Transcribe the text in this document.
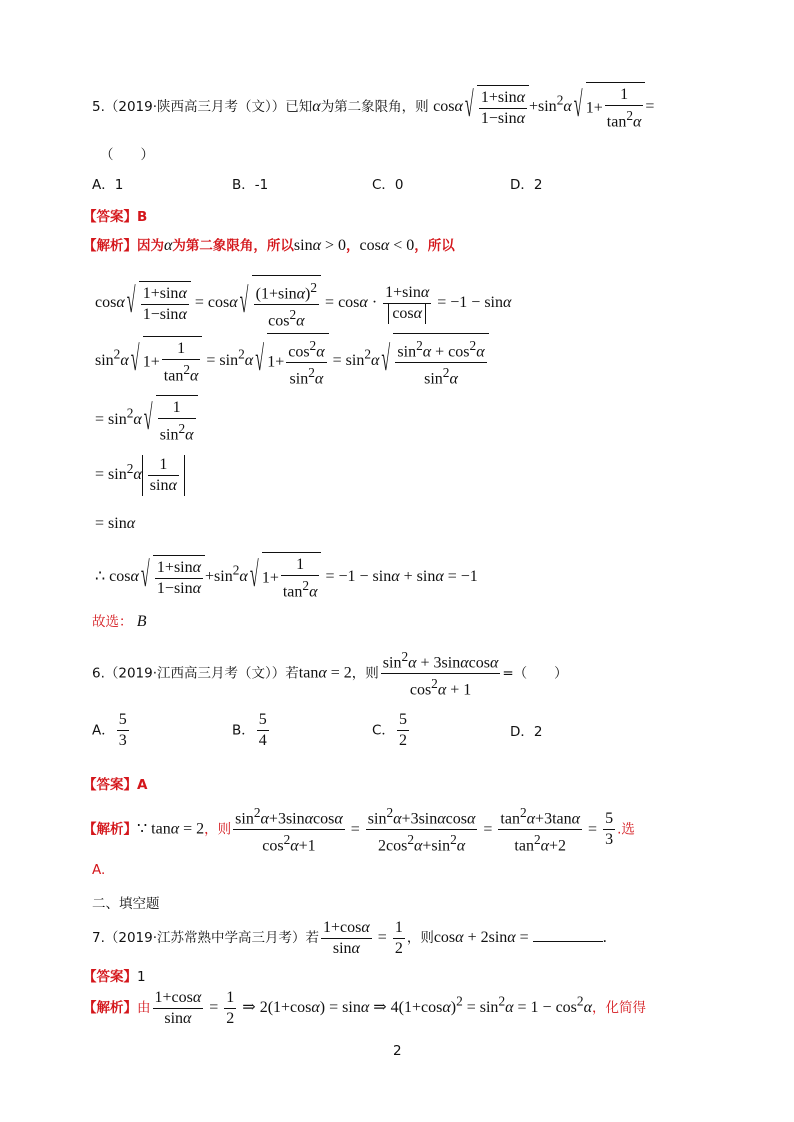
5.（2019·陕西高三月考（文））已知α为第二象限角，则 cosα
√ $\frac{1+\sin\alpha}{1-\sin\alpha} +\sin^2\alpha√$ $1+ \frac{1}{\tan^2\alpha}$ =
（　　）
A．1	B．-1	C．0	D．2
【答案】B
【解析】因为α为第二象限角，所以sinα > 0，cosα < 0，所以
cosα
√ $\frac{1+\sin\alpha}{1-\sin\alpha} = \cos\alpha$
√ $\frac{(1+\sin\alpha)^2}{\cos^2\alpha} = \cos\alpha \cdot \frac{1+\sin\alpha}{\cos\alpha} = -1 - \sin\alpha$
$\sin^2\alpha√$ $1+ \frac{1}{\tan^2\alpha} = \sin^2\alpha√$ $1+ \frac{\cos^2\alpha}{\sin^2\alpha} = \sin^2\alpha$
√ $\frac{\sin^2\alpha + \cos^2\alpha}{\sin^2\alpha}$
= $\sin^2\alpha$
√ $\frac{1}{\sin^2\alpha}$
= $\sin^2\alpha \frac{1}{\sin\alpha}$
= sinα
∴ cosα
√ $\frac{1+\sin\alpha}{1-\sin\alpha} +\sin^2\alpha√$ $1+ \frac{1}{\tan^2\alpha} = -1 - \sin\alpha + \sin\alpha = -1$
故选： B
6.（2019·江西高三月考（文））若tanα = 2，则 $\frac{\sin^2\alpha + 3\sin\alpha\cos\alpha}{\cos^2\alpha + 1}$ =（　　）
A． $\frac{5}{3}$	B． $\frac{5}{4}$	C． $\frac{5}{2}$	D．2
【答案】A
【解析】∵ tanα = 2，则 $\frac{\sin^2\alpha+3\sin\alpha\cos\alpha}{\cos^2\alpha+1} = \frac{\sin^2\alpha+3\sin\alpha\cos\alpha}{2\cos^2\alpha+\sin^2\alpha} = \frac{\tan^2\alpha+3\tan\alpha}{\tan^2\alpha+2} = \frac{5}{3}$ .选
A.
二、填空题
7.（2019·江苏常熟中学高三月考）若 $\frac{1+\cos\alpha}{\sin\alpha} = \frac{1}{2}$ ，则cosα + 2sinα =	.
【答案】1
【解析】由 $\frac{1+\cos\alpha}{\sin\alpha} = \frac{1}{2}$ ⇒ 2(1+cosα) = sinα ⇒ $4(1+\cos\alpha)^2 = \sin^2\alpha = 1 - \cos^2\alpha$，化简得
2
